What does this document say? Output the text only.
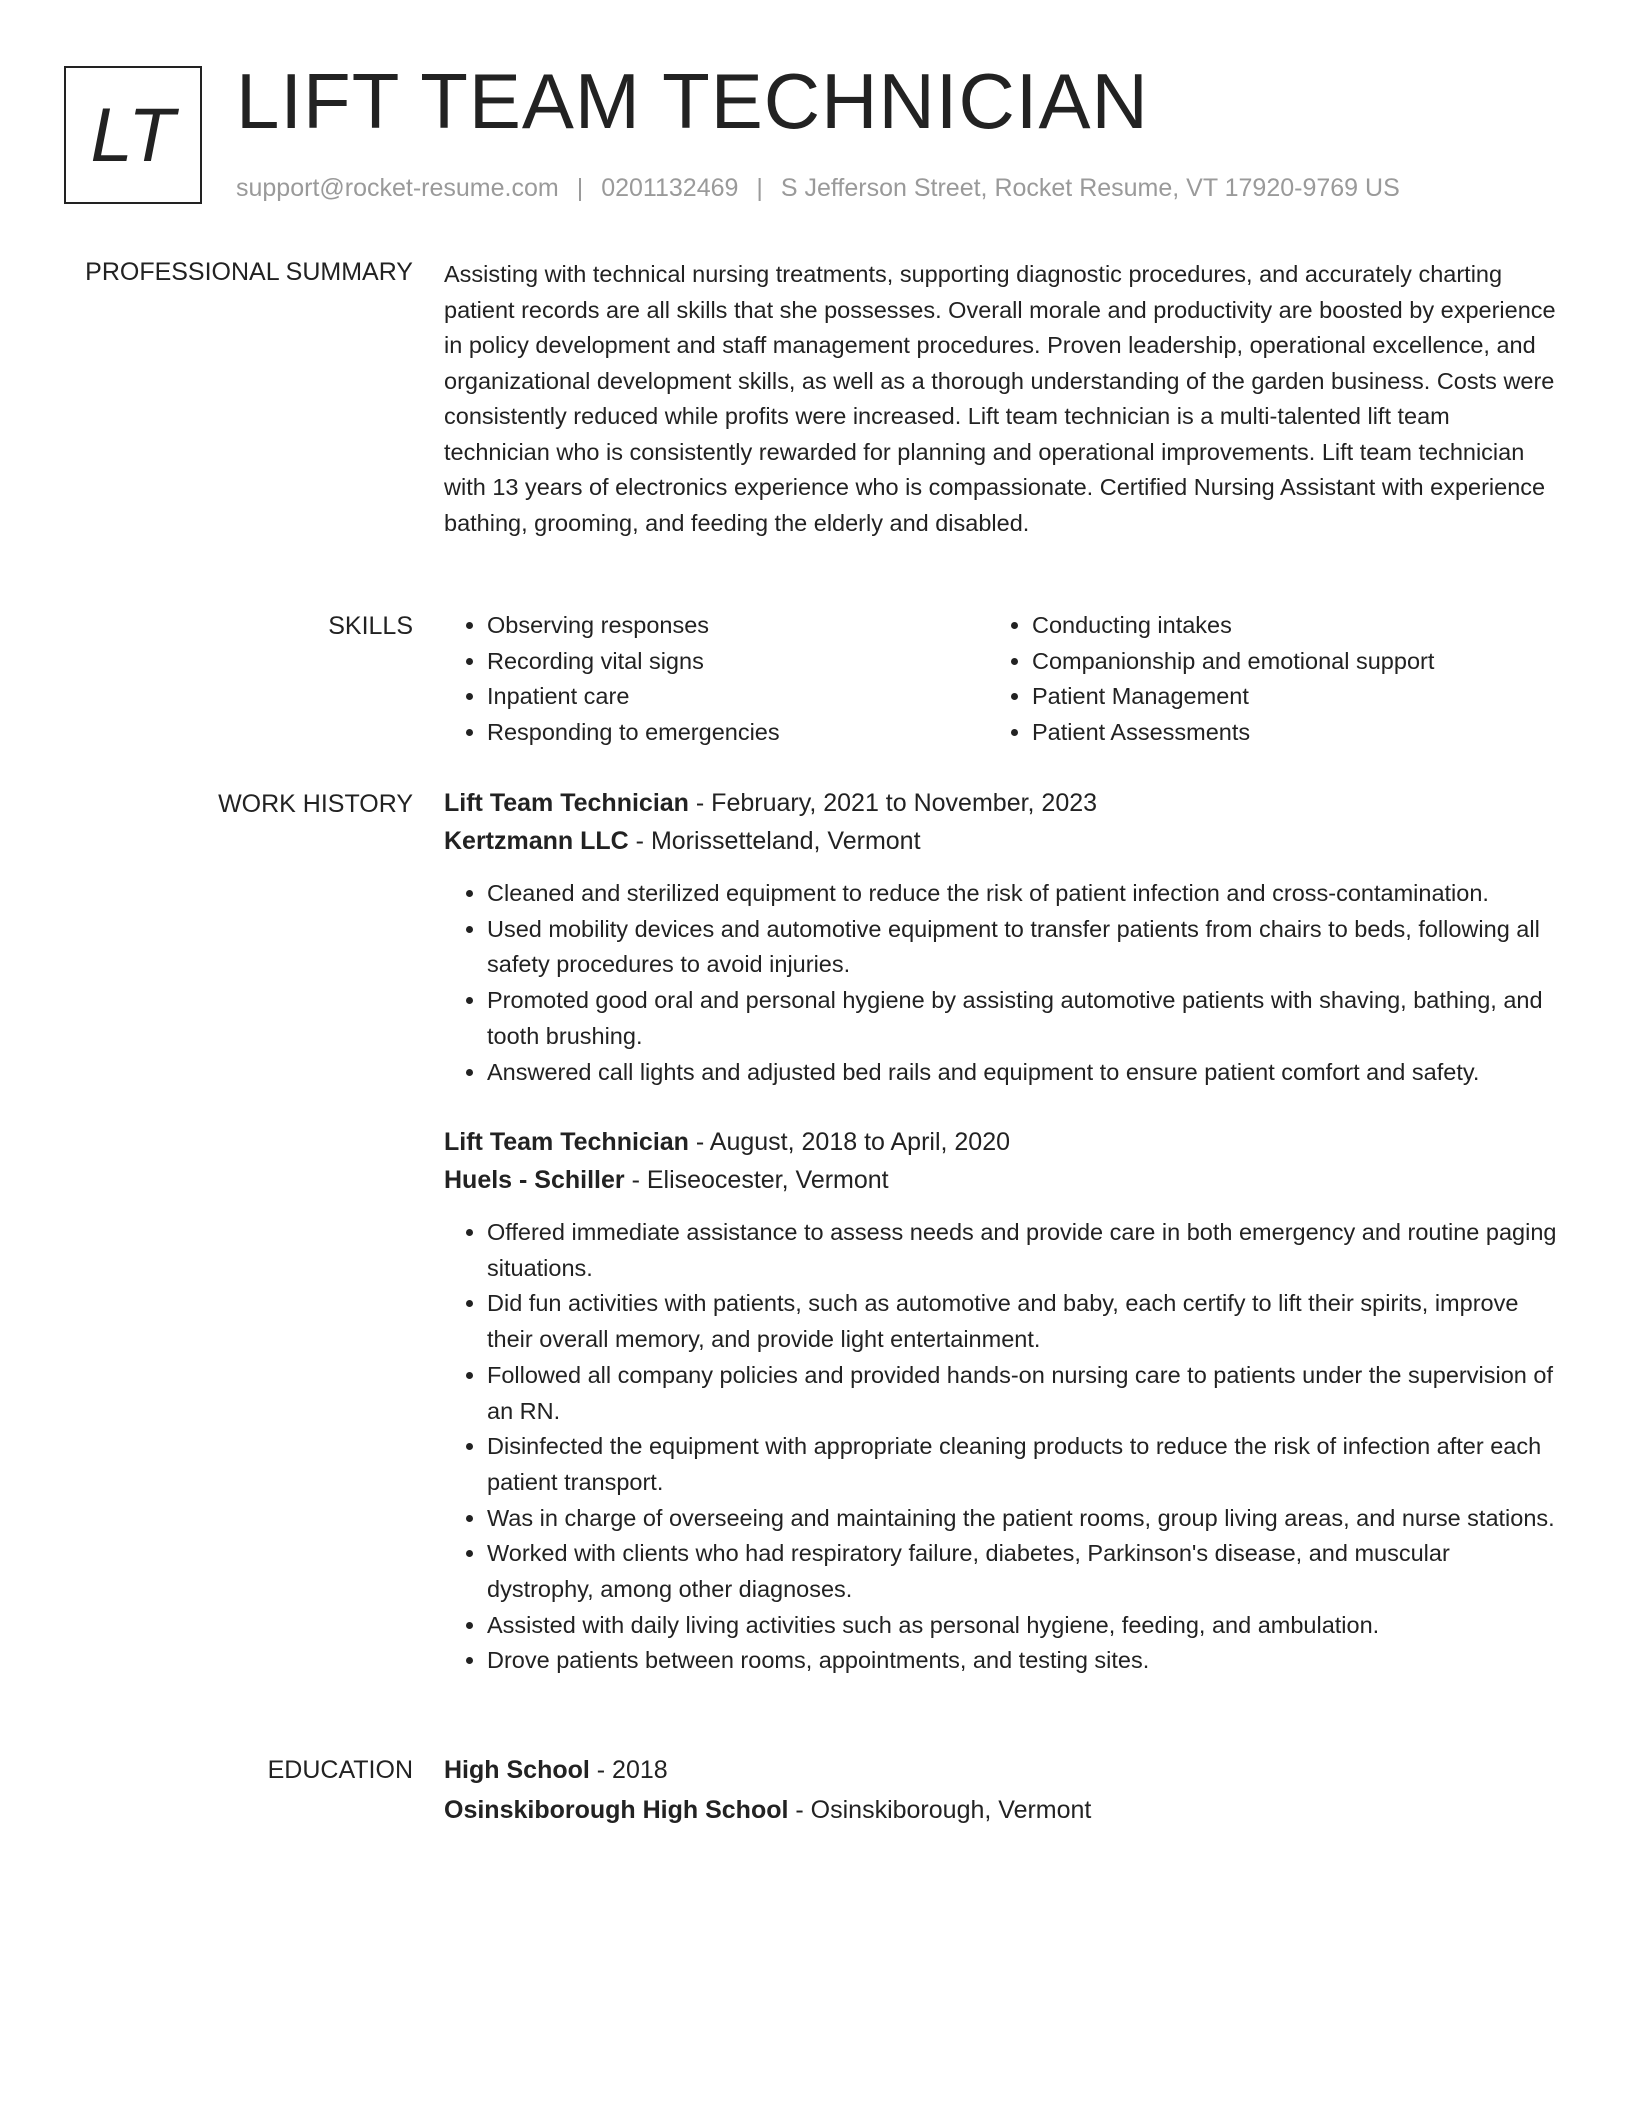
LT LIFT TEAM TECHNICIAN
support@rocket-resume.com | 0201132469 | S Jefferson Street, Rocket Resume, VT 17920-9769 US
PROFESSIONAL SUMMARY Assisting with technical nursing treatments, supporting diagnostic procedures, and accurately charting patient records are all skills that she possesses. Overall morale and productivity are boosted by experience in policy development and staff management procedures. Proven leadership, operational excellence, and organizational development skills, as well as a thorough understanding of the garden business. Costs were consistently reduced while profits were increased. Lift team technician is a multi-talented lift team technician who is consistently rewarded for planning and operational improvements. Lift team technician with 13 years of electronics experience who is compassionate. Certified Nursing Assistant with experience bathing, grooming, and feeding the elderly and disabled.

SKILLS
•	Observing responses
• Recording vital signs
• Inpatient care
• Responding to emergencies
• Conducting intakes
• Companionship and emotional support
• Patient Management
• Patient Assessments
WORK HISTORY Lift Team Technician - February, 2021 to November, 2023
Kertzmann LLC - Morissetteland, Vermont
• Cleaned and sterilized equipment to reduce the risk of patient infection and cross-contamination.
• Used mobility devices and automotive equipment to transfer patients from chairs to beds, following all safety procedures to avoid injuries.
• Promoted good oral and personal hygiene by assisting automotive patients with shaving, bathing, and tooth brushing.
• Answered call lights and adjusted bed rails and equipment to ensure patient comfort and safety.
Lift Team Technician - August, 2018 to April, 2020
Huels - Schiller - Eliseocester, Vermont
• Offered immediate assistance to assess needs and provide care in both emergency and routine paging situations.
• Did fun activities with patients, such as automotive and baby, each certify to lift their spirits, improve their overall memory, and provide light entertainment.
• Followed all company policies and provided hands-on nursing care to patients under the supervision of an RN.
• Disinfected the equipment with appropriate cleaning products to reduce the risk of infection after each patient transport.
• Was in charge of overseeing and maintaining the patient rooms, group living areas, and nurse stations.
• Worked with clients who had respiratory failure, diabetes, Parkinson's disease, and muscular dystrophy, among other diagnoses.
• Assisted with daily living activities such as personal hygiene, feeding, and ambulation.
• Drove patients between rooms, appointments, and testing sites.
EDUCATION High School - 2018
Osinskiborough High School - Osinskiborough, Vermont
